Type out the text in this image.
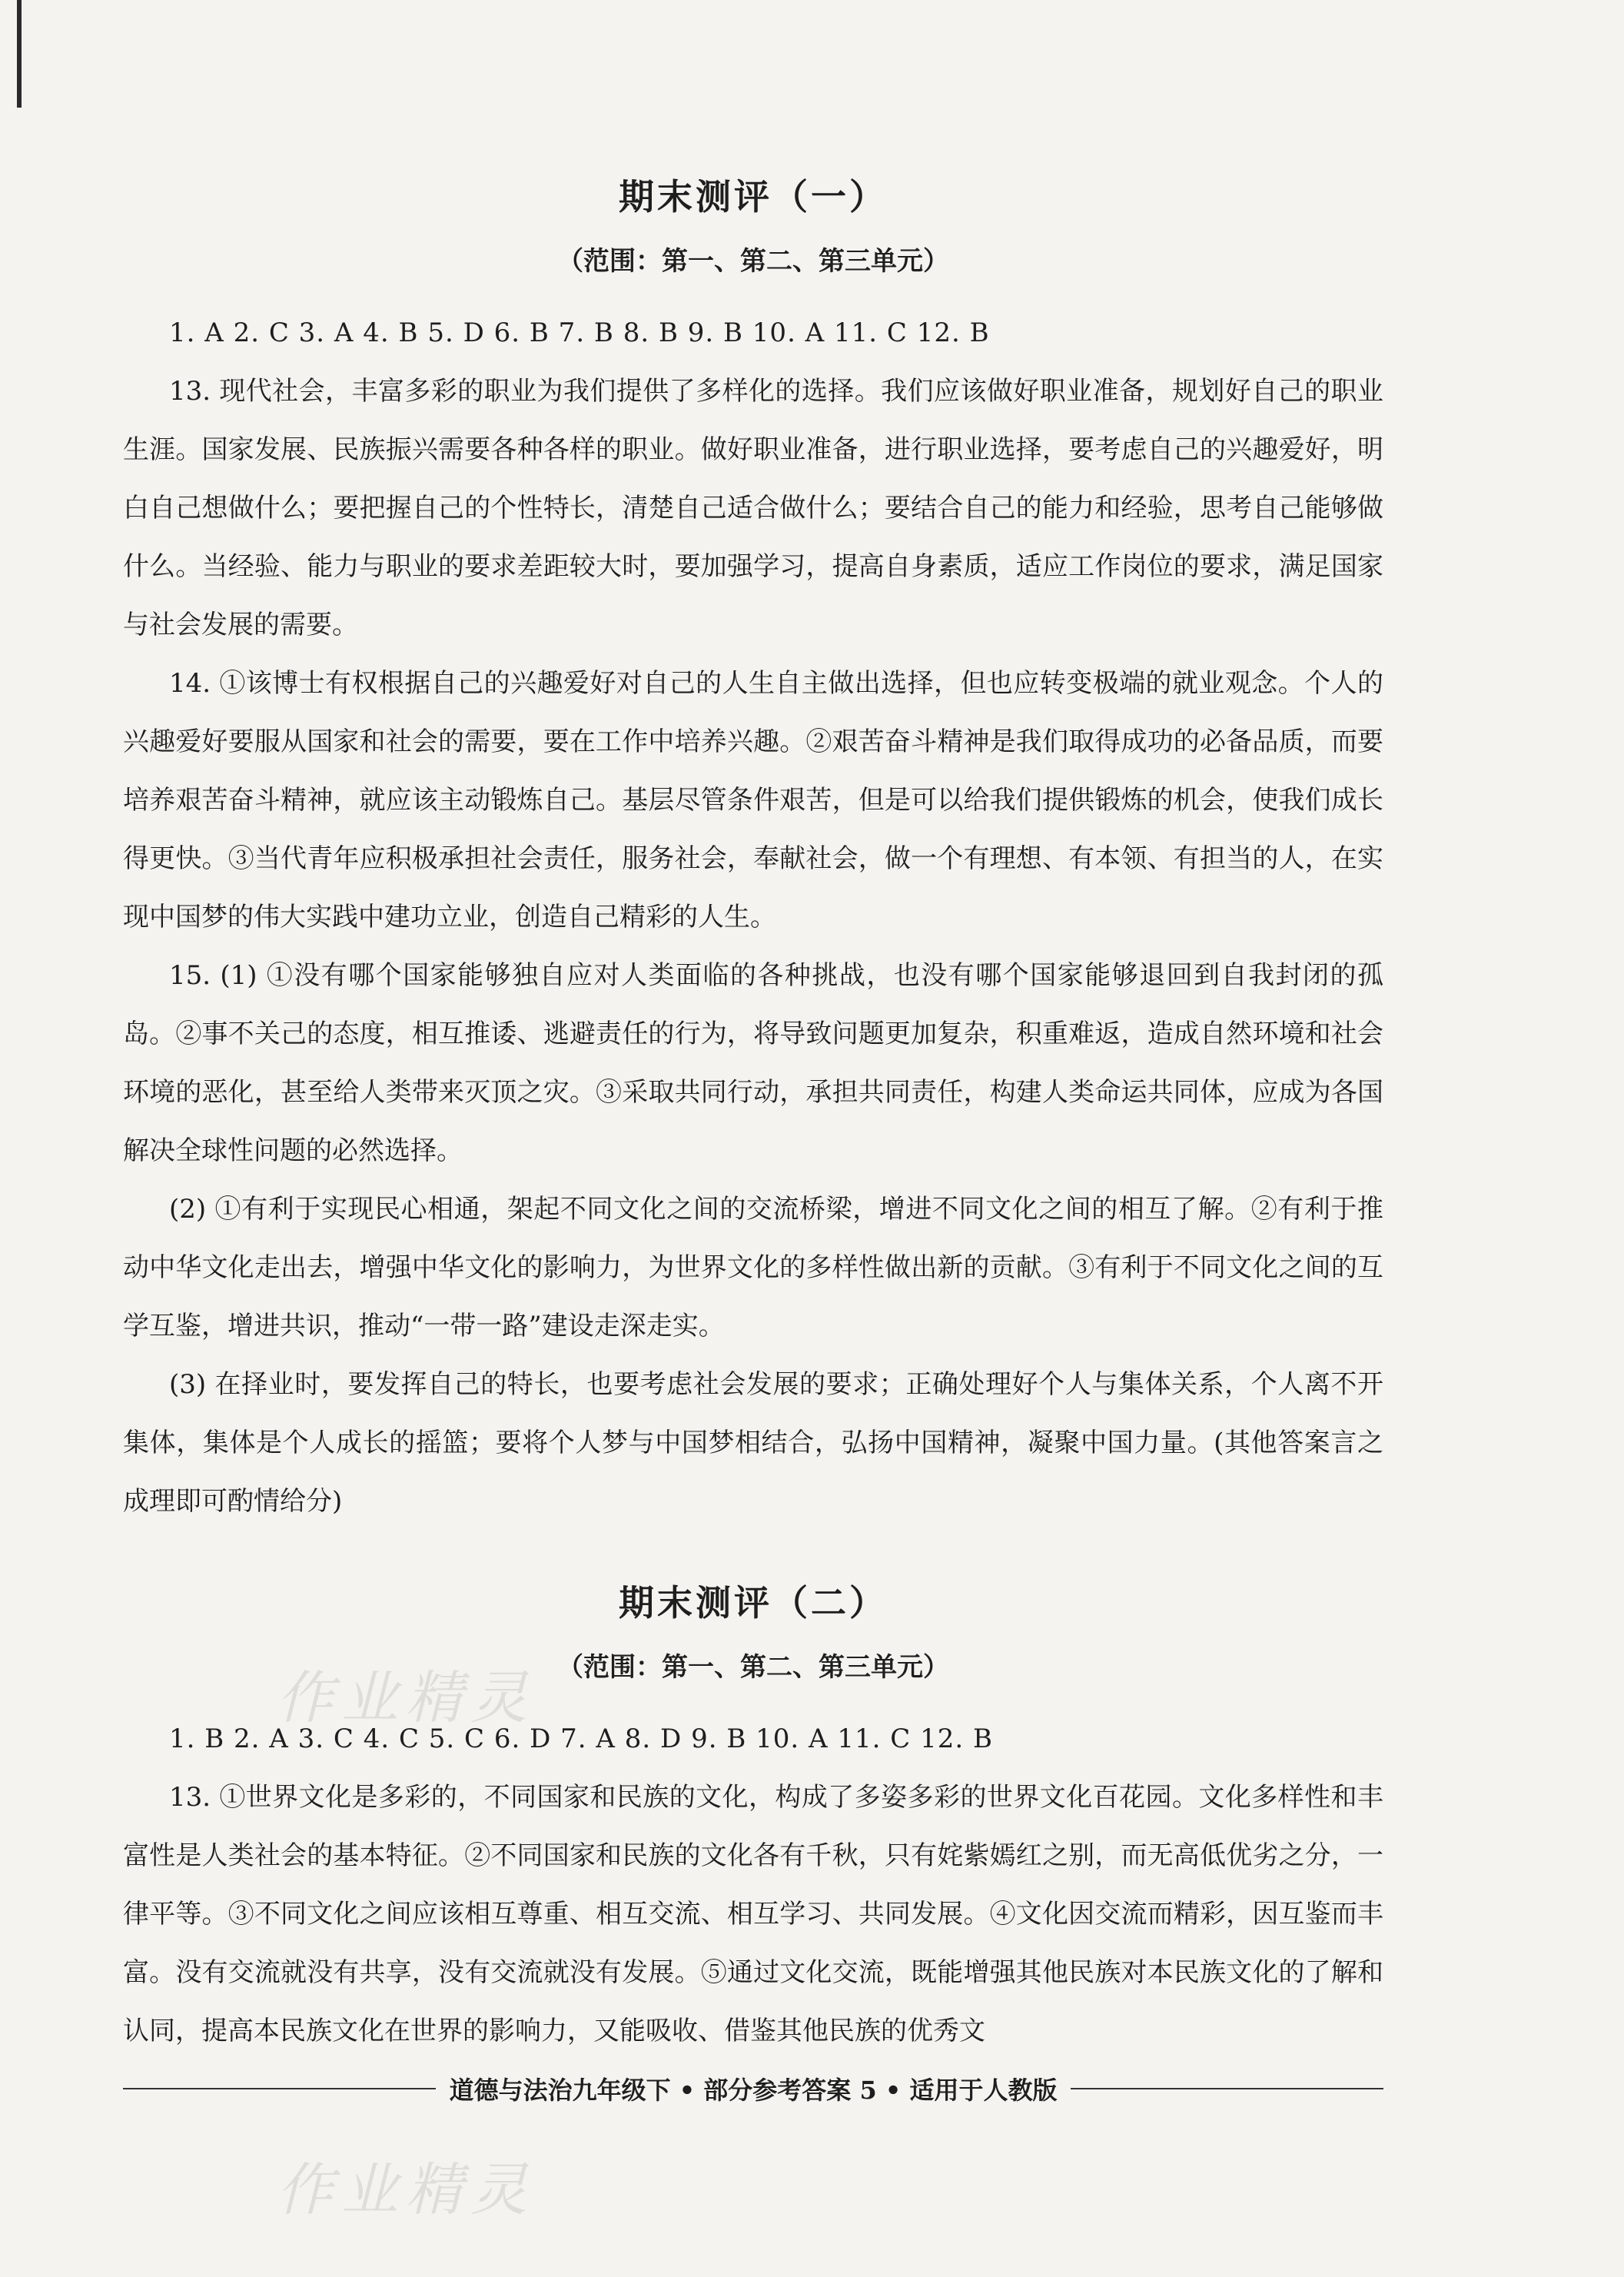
期末测评（一）

（范围：第一、第二、第三单元）

1. A 2. C 3. A 4. B 5. D 6. B 7. B 8. B 9. B 10. A 11. C 12. B

13. 现代社会，丰富多彩的职业为我们提供了多样化的选择。我们应该做好职业准备，规划好自己的职业生涯。国家发展、民族振兴需要各种各样的职业。做好职业准备，进行职业选择，要考虑自己的兴趣爱好，明白自己想做什么；要把握自己的个性特长，清楚自己适合做什么；要结合自己的能力和经验，思考自己能够做什么。当经验、能力与职业的要求差距较大时，要加强学习，提高自身素质，适应工作岗位的要求，满足国家与社会发展的需要。

14. ①该博士有权根据自己的兴趣爱好对自己的人生自主做出选择，但也应转变极端的就业观念。个人的兴趣爱好要服从国家和社会的需要，要在工作中培养兴趣。②艰苦奋斗精神是我们取得成功的必备品质，而要培养艰苦奋斗精神，就应该主动锻炼自己。基层尽管条件艰苦，但是可以给我们提供锻炼的机会，使我们成长得更快。③当代青年应积极承担社会责任，服务社会，奉献社会，做一个有理想、有本领、有担当的人，在实现中国梦的伟大实践中建功立业，创造自己精彩的人生。

15. (1) ①没有哪个国家能够独自应对人类面临的各种挑战，也没有哪个国家能够退回到自我封闭的孤岛。②事不关己的态度，相互推诿、逃避责任的行为，将导致问题更加复杂，积重难返，造成自然环境和社会环境的恶化，甚至给人类带来灭顶之灾。③采取共同行动，承担共同责任，构建人类命运共同体，应成为各国解决全球性问题的必然选择。

(2) ①有利于实现民心相通，架起不同文化之间的交流桥梁，增进不同文化之间的相互了解。②有利于推动中华文化走出去，增强中华文化的影响力，为世界文化的多样性做出新的贡献。③有利于不同文化之间的互学互鉴，增进共识，推动“一带一路”建设走深走实。

(3) 在择业时，要发挥自己的特长，也要考虑社会发展的要求；正确处理好个人与集体关系，个人离不开集体，集体是个人成长的摇篮；要将个人梦与中国梦相结合，弘扬中国精神，凝聚中国力量。(其他答案言之成理即可酌情给分)

期末测评（二）

（范围：第一、第二、第三单元）

1. B 2. A 3. C 4. C 5. C 6. D 7. A 8. D 9. B 10. A 11. C 12. B

13. ①世界文化是多彩的，不同国家和民族的文化，构成了多姿多彩的世界文化百花园。文化多样性和丰富性是人类社会的基本特征。②不同国家和民族的文化各有千秋，只有姹紫嫣红之别，而无高低优劣之分，一律平等。③不同文化之间应该相互尊重、相互交流、相互学习、共同发展。④文化因交流而精彩，因互鉴而丰富。没有交流就没有共享，没有交流就没有发展。⑤通过文化交流，既能增强其他民族对本民族文化的了解和认同，提高本民族文化在世界的影响力，又能吸收、借鉴其他民族的优秀文

道德与法治九年级下 • 部分参考答案 5 • 适用于人教版
作业精灵
作业精灵
